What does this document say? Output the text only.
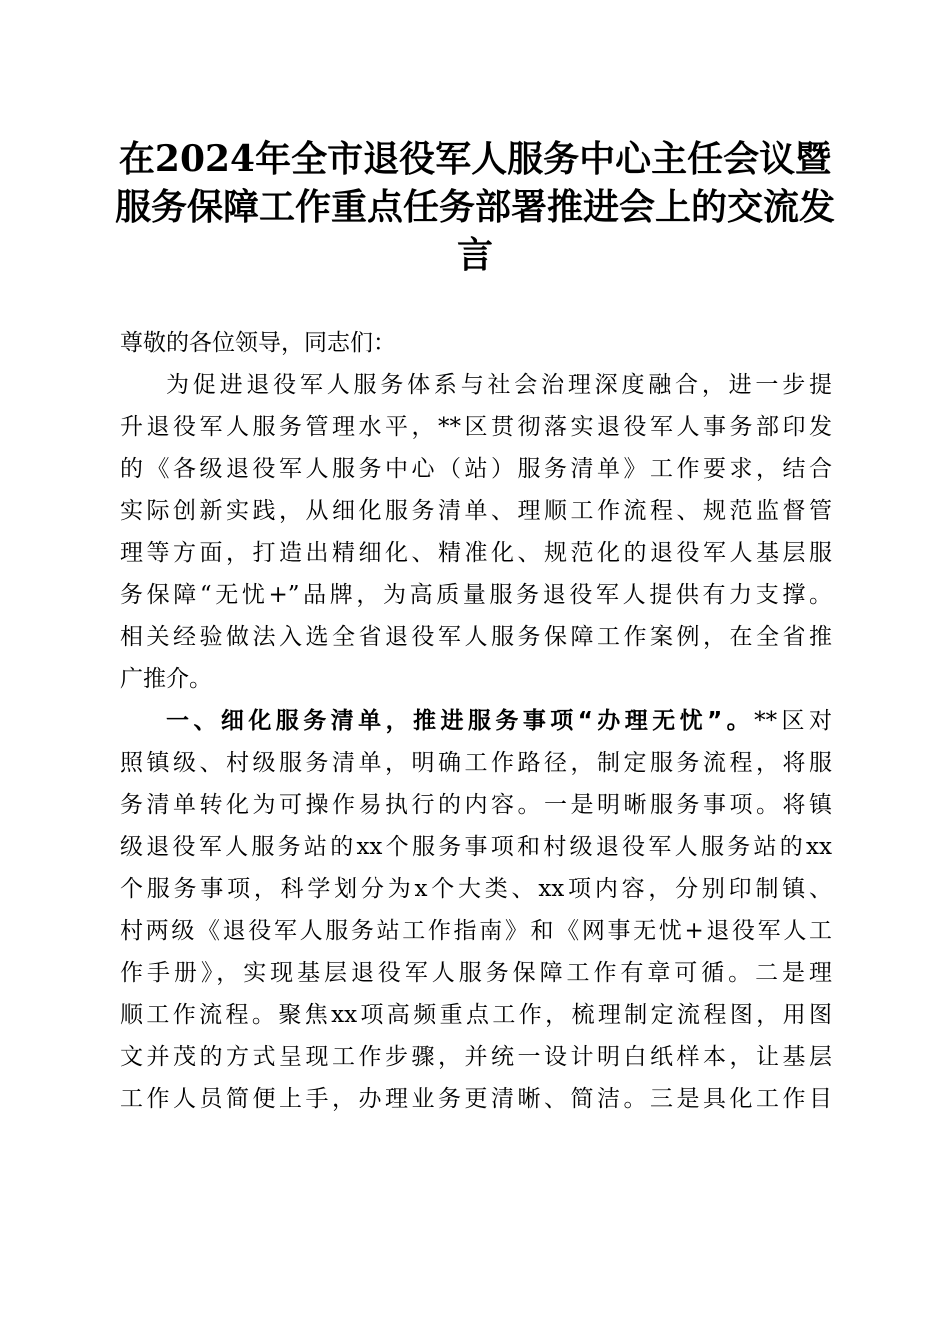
在2024年全市退役军人服务中心主任会议暨
服务保障工作重点任务部署推进会上的交流发
言
尊敬的各位领导，同志们：
为促进退役军人服务体系与社会治理深度融合，进一步提
升退役军人服务管理水平，**区贯彻落实退役军人事务部印发
的《各级退役军人服务中心（站）服务清单》工作要求，结合
实际创新实践，从细化服务清单、理顺工作流程、规范监督管
理等方面，打造出精细化、精准化、规范化的退役军人基层服
务保障“无忧+”品牌，为高质量服务退役军人提供有力支撑。
相关经验做法入选全省退役军人服务保障工作案例，在全省推
广推介。
一、细化服务清单，推进服务事项“办理无忧”。**区对
照镇级、村级服务清单，明确工作路径，制定服务流程，将服
务清单转化为可操作易执行的内容。一是明晰服务事项。将镇
级退役军人服务站的xx个服务事项和村级退役军人服务站的xx
个服务事项，科学划分为x个大类、xx项内容，分别印制镇、
村两级《退役军人服务站工作指南》和《网事无忧+退役军人工
作手册》，实现基层退役军人服务保障工作有章可循。二是理
顺工作流程。聚焦xx项高频重点工作，梳理制定流程图，用图
文并茂的方式呈现工作步骤，并统一设计明白纸样本，让基层
工作人员简便上手，办理业务更清晰、简洁。三是具化工作目
